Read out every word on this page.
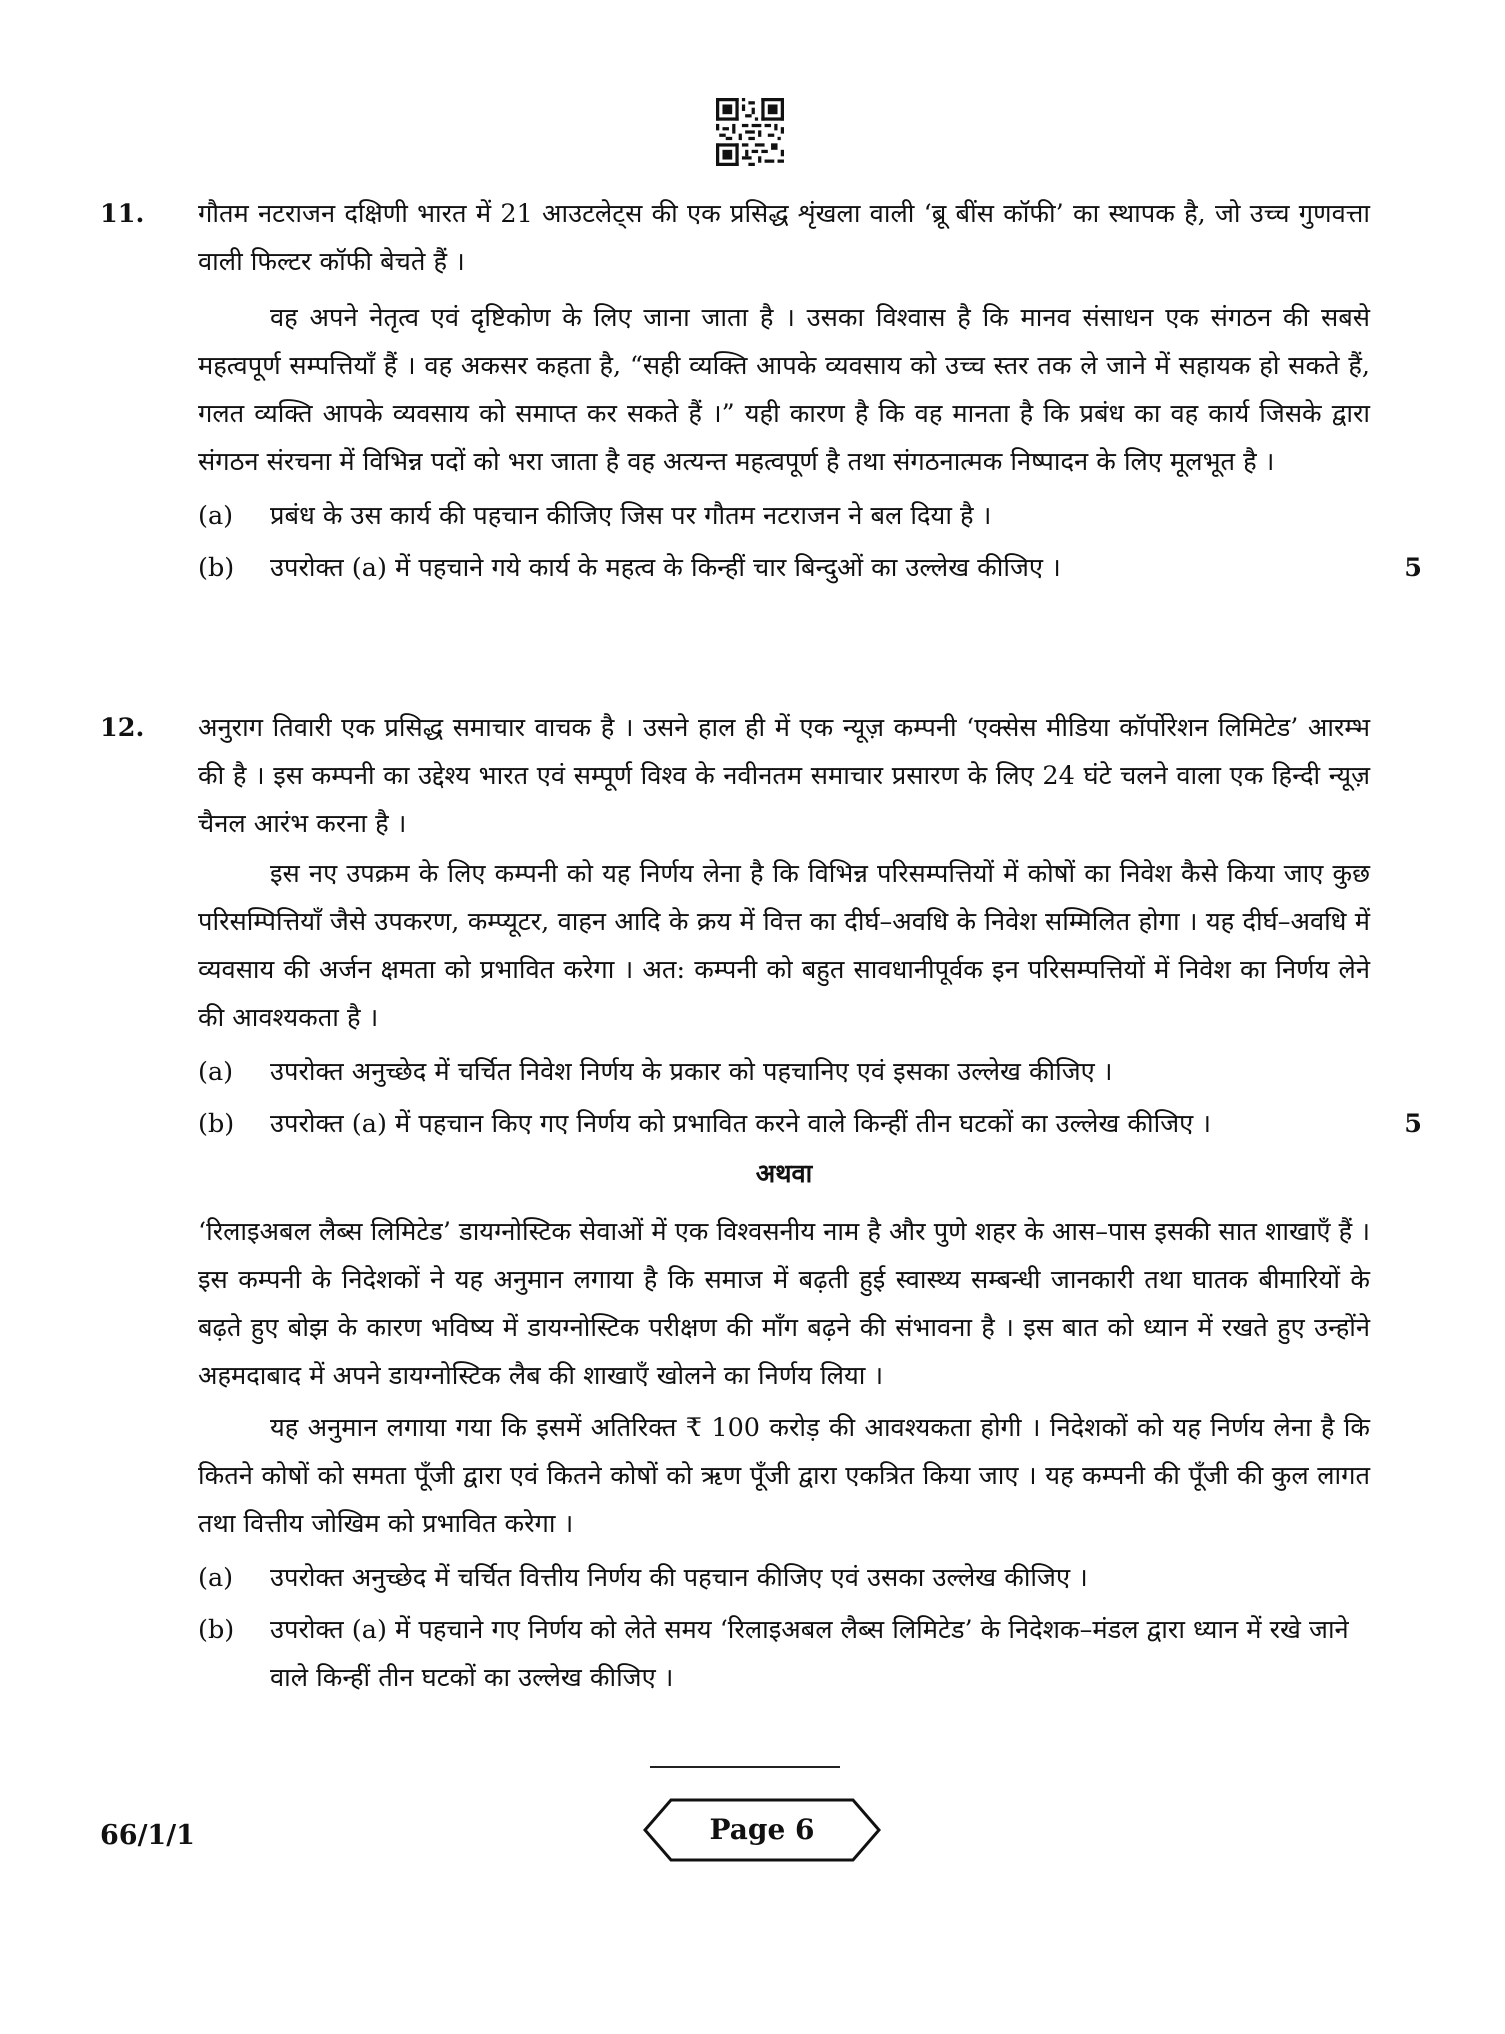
11. गौतम नटराजन दक्षिणी भारत में 21 आउटलेट्स की एक प्रसिद्ध शृंखला वाली ‘ब्रू बींस कॉफी’ का स्थापक है, जो उच्च गुणवत्ता वाली फिल्टर कॉफी बेचते हैं ।

वह अपने नेतृत्व एवं दृष्टिकोण के लिए जाना जाता है । उसका विश्वास है कि मानव संसाधन एक संगठन की सबसे महत्वपूर्ण सम्पत्तियाँ हैं । वह अकसर कहता है, “सही व्यक्ति आपके व्यवसाय को उच्च स्तर तक ले जाने में सहायक हो सकते हैं, गलत व्यक्ति आपके व्यवसाय को समाप्त कर सकते हैं ।” यही कारण है कि वह मानता है कि प्रबंध का वह कार्य जिसके द्वारा संगठन संरचना में विभिन्न पदों को भरा जाता है वह अत्यन्त महत्वपूर्ण है तथा संगठनात्मक निष्पादन के लिए मूलभूत है ।

(a) प्रबंध के उस कार्य की पहचान कीजिए जिस पर गौतम नटराजन ने बल दिया है ।
(b) उपरोक्त (a) में पहचाने गये कार्य के महत्व के किन्हीं चार बिन्दुओं का उल्लेख कीजिए ।	5
12. अनुराग तिवारी एक प्रसिद्ध समाचार वाचक है । उसने हाल ही में एक न्यूज़ कम्पनी ‘एक्सेस मीडिया कॉर्पोरेशन लिमिटेड’ आरम्भ की है । इस कम्पनी का उद्देश्य भारत एवं सम्पूर्ण विश्व के नवीनतम समाचार प्रसारण के लिए 24 घंटे चलने वाला एक हिन्दी न्यूज़ चैनल आरंभ करना है ।

इस नए उपक्रम के लिए कम्पनी को यह निर्णय लेना है कि विभिन्न परिसम्पत्तियों में कोषों का निवेश कैसे किया जाए कुछ परिसम्पित्तियाँ जैसे उपकरण, कम्प्यूटर, वाहन आदि के क्रय में वित्त का दीर्घ–अवधि के निवेश सम्मिलित होगा । यह दीर्घ–अवधि में व्यवसाय की अर्जन क्षमता को प्रभावित करेगा । अत: कम्पनी को बहुत सावधानीपूर्वक इन परिसम्पत्तियों में निवेश का निर्णय लेने की आवश्यकता है ।

(a) उपरोक्त अनुच्छेद में चर्चित निवेश निर्णय के प्रकार को पहचानिए एवं इसका उल्लेख कीजिए ।
(b) उपरोक्त (a) में पहचान किए गए निर्णय को प्रभावित करने वाले किन्हीं तीन घटकों का उल्लेख कीजिए ।	5

अथवा

‘रिलाइअबल लैब्स लिमिटेड’ डायग्नोस्टिक सेवाओं में एक विश्वसनीय नाम है और पुणे शहर के आस–पास इसकी सात शाखाएँ हैं । इस कम्पनी के निदेशकों ने यह अनुमान लगाया है कि समाज में बढ़ती हुई स्वास्थ्य सम्बन्धी जानकारी तथा घातक बीमारियों के बढ़ते हुए बोझ के कारण भविष्य में डायग्नोस्टिक परीक्षण की माँग बढ़ने की संभावना है । इस बात को ध्यान में रखते हुए उन्होंने अहमदाबाद में अपने डायग्नोस्टिक लैब की शाखाएँ खोलने का निर्णय लिया ।

यह अनुमान लगाया गया कि इसमें अतिरिक्त ₹ 100 करोड़ की आवश्यकता होगी । निदेशकों को यह निर्णय लेना है कि कितने कोषों को समता पूँजी द्वारा एवं कितने कोषों को ऋण पूँजी द्वारा एकत्रित किया जाए । यह कम्पनी की पूँजी की कुल लागत तथा वित्तीय जोखिम को प्रभावित करेगा ।

(a) उपरोक्त अनुच्छेद में चर्चित वित्तीय निर्णय की पहचान कीजिए एवं उसका उल्लेख कीजिए ।
(b) उपरोक्त (a) में पहचाने गए निर्णय को लेते समय ‘रिलाइअबल लैब्स लिमिटेड’ के निदेशक–मंडल द्वारा ध्यान में रखे जाने वाले किन्हीं तीन घटकों का उल्लेख कीजिए ।
66/1/1	Page 6
